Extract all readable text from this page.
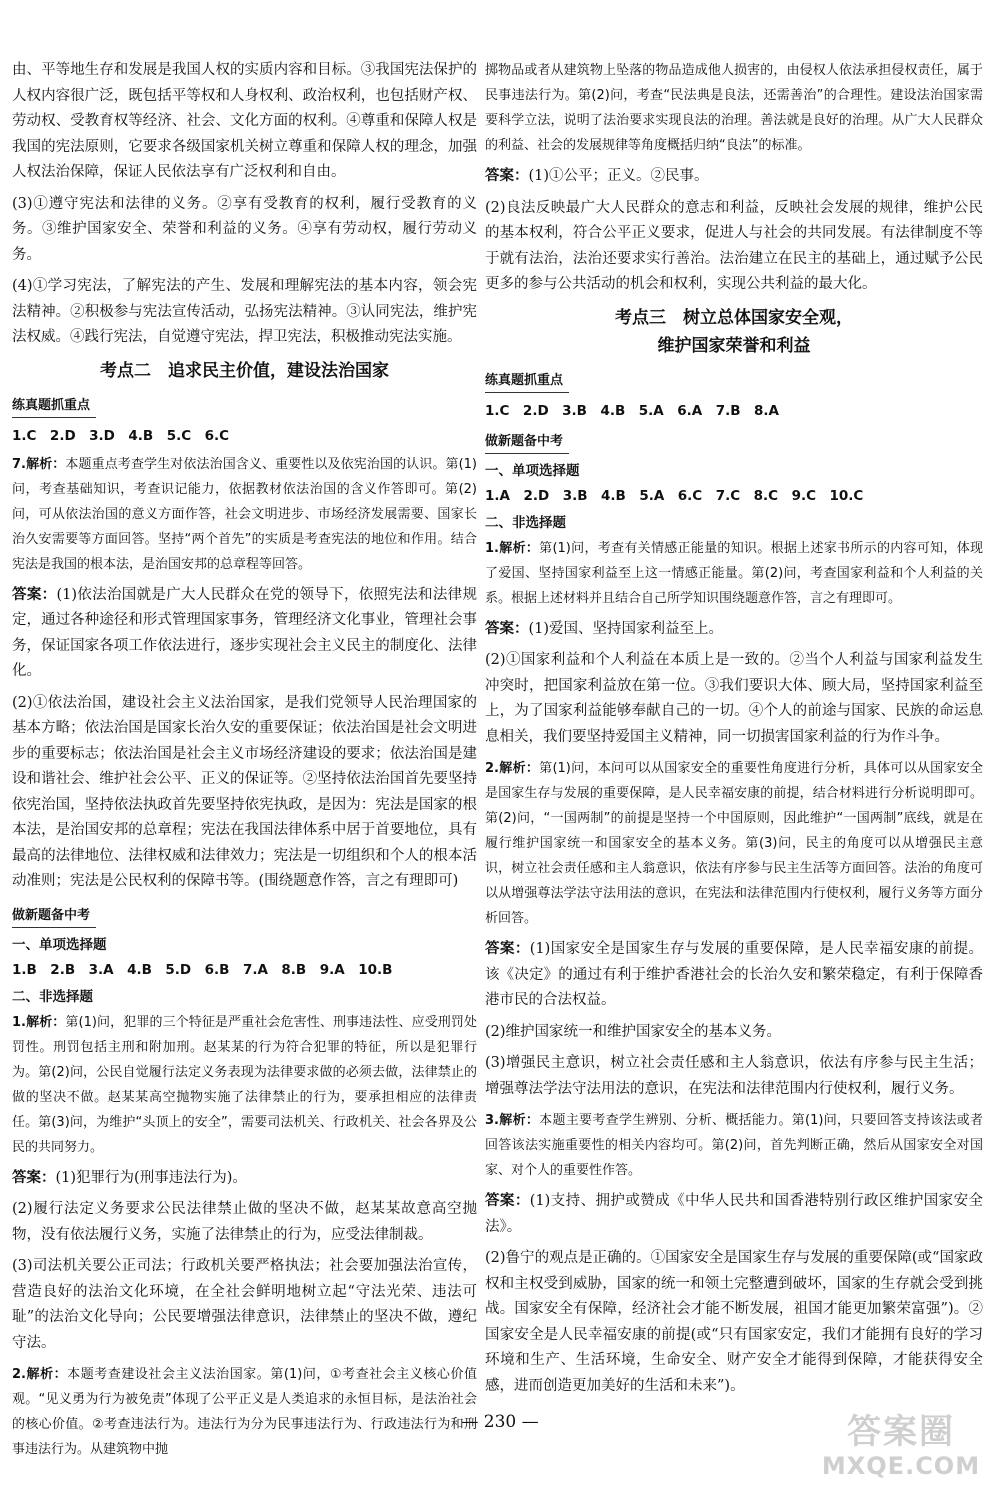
由、平等地生存和发展是我国人权的实质内容和目标。③我国宪法保护的人权内容很广泛，既包括平等权和人身权利、政治权利，也包括财产权、劳动权、受教育权等经济、社会、文化方面的权利。④尊重和保障人权是我国的宪法原则，它要求各级国家机关树立尊重和保障人权的理念，加强人权法治保障，保证人民依法享有广泛权利和自由。

(3)①遵守宪法和法律的义务。②享有受教育的权利，履行受教育的义务。③维护国家安全、荣誉和利益的义务。④享有劳动权，履行劳动义务。

(4)①学习宪法，了解宪法的产生、发展和理解宪法的基本内容，领会宪法精神。②积极参与宪法宣传活动，弘扬宪法精神。③认同宪法，维护宪法权威。④践行宪法，自觉遵守宪法，捍卫宪法，积极推动宪法实施。

考点二　追求民主价值，建设法治国家
练真题抓重点
1.C　2.D　3.D　4.B　5.C　6.C

7.解析：本题重点考查学生对依法治国含义、重要性以及依宪治国的认识。第(1)问，考查基础知识，考查识记能力，依据教材依法治国的含义作答即可。第(2)问，可从依法治国的意义方面作答，社会文明进步、市场经济发展需要、国家长治久安需要等方面回答。坚持“两个首先”的实质是考查宪法的地位和作用。结合宪法是我国的根本法，是治国安邦的总章程等回答。

答案：(1)依法治国就是广大人民群众在党的领导下，依照宪法和法律规定，通过各种途径和形式管理国家事务，管理经济文化事业，管理社会事务，保证国家各项工作依法进行，逐步实现社会主义民主的制度化、法律化。

(2)①依法治国，建设社会主义法治国家，是我们党领导人民治理国家的基本方略；依法治国是国家长治久安的重要保证；依法治国是社会文明进步的重要标志；依法治国是社会主义市场经济建设的要求；依法治国是建设和谐社会、维护社会公平、正义的保证等。②坚持依法治国首先要坚持依宪治国，坚持依法执政首先要坚持依宪执政，是因为：宪法是国家的根本法，是治国安邦的总章程；宪法在我国法律体系中居于首要地位，具有最高的法律地位、法律权威和法律效力；宪法是一切组织和个人的根本活动准则；宪法是公民权利的保障书等。(围绕题意作答，言之有理即可)

做新题备中考
一、单项选择题
1.B　2.B　3.A　4.B　5.D　6.B　7.A　8.B　9.A　10.B
二、非选择题

1.解析：第(1)问，犯罪的三个特征是严重社会危害性、刑事违法性、应受刑罚处罚性。刑罚包括主刑和附加刑。赵某某的行为符合犯罪的特征，所以是犯罪行为。第(2)问，公民自觉履行法定义务表现为法律要求做的必须去做，法律禁止的做的坚决不做。赵某某高空抛物实施了法律禁止的行为，要承担相应的法律责任。第(3)问，为维护“头顶上的安全”，需要司法机关、行政机关、社会各界及公民的共同努力。

答案：(1)犯罪行为(刑事违法行为)。

(2)履行法定义务要求公民法律禁止做的坚决不做，赵某某故意高空抛物，没有依法履行义务，实施了法律禁止的行为，应受法律制裁。

(3)司法机关要公正司法；行政机关要严格执法；社会要加强法治宣传，营造良好的法治文化环境，在全社会鲜明地树立起“守法光荣、违法可耻”的法治文化导向；公民要增强法律意识，法律禁止的坚决不做，遵纪守法。

2.解析：本题考查建设社会主义法治国家。第(1)问，①考查社会主义核心价值观。“见义勇为行为被免责”体现了公平正义是人类追求的永恒目标，是法治社会的核心价值。②考查违法行为。违法行为分为民事违法行为、行政违法行为和刑事违法行为。从建筑物中抛

掷物品或者从建筑物上坠落的物品造成他人损害的，由侵权人依法承担侵权责任，属于民事违法行为。第(2)问，考查“民法典是良法，还需善治”的合理性。建设法治国家需要科学立法，说明了法治要求实现良法的治理。善法就是良好的治理。从广大人民群众的利益、社会的发展规律等角度概括归纳“良法”的标准。

答案：(1)①公平；正义。②民事。

(2)良法反映最广大人民群众的意志和利益，反映社会发展的规律，维护公民的基本权利，符合公平正义要求，促进人与社会的共同发展。有法律制度不等于就有法治，法治还要求实行善治。法治建立在民主的基础上，通过赋予公民更多的参与公共活动的机会和权利，实现公共利益的最大化。

考点三　树立总体国家安全观，
维护国家荣誉和利益
练真题抓重点
1.C　2.D　3.B　4.B　5.A　6.A　7.B　8.A
做新题备中考
一、单项选择题
1.A　2.D　3.B　4.B　5.A　6.C　7.C　8.C　9.C　10.C
二、非选择题

1.解析：第(1)问，考查有关情感正能量的知识。根据上述家书所示的内容可知，体现了爱国、坚持国家利益至上这一情感正能量。第(2)问，考查国家利益和个人利益的关系。根据上述材料并且结合自己所学知识围绕题意作答，言之有理即可。

答案：(1)爱国、坚持国家利益至上。

(2)①国家利益和个人利益在本质上是一致的。②当个人利益与国家利益发生冲突时，把国家利益放在第一位。③我们要识大体、顾大局，坚持国家利益至上，为了国家利益能够奉献自己的一切。④个人的前途与国家、民族的命运息息相关，我们要坚持爱国主义精神，同一切损害国家利益的行为作斗争。

2.解析：第(1)问，本问可以从国家安全的重要性角度进行分析，具体可以从国家安全是国家生存与发展的重要保障，是人民幸福安康的前提，结合材料进行分析说明即可。第(2)问，“一国两制”的前提是坚持一个中国原则，因此维护“一国两制”底线，就是在履行维护国家统一和国家安全的基本义务。第(3)问，民主的角度可以从增强民主意识，树立社会责任感和主人翁意识，依法有序参与民主生活等方面回答。法治的角度可以从增强尊法学法守法用法的意识，在宪法和法律范围内行使权利，履行义务等方面分析回答。

答案：(1)国家安全是国家生存与发展的重要保障，是人民幸福安康的前提。该《决定》的通过有利于维护香港社会的长治久安和繁荣稳定，有利于保障香港市民的合法权益。

(2)维护国家统一和维护国家安全的基本义务。

(3)增强民主意识，树立社会责任感和主人翁意识，依法有序参与民主生活；增强尊法学法守法用法的意识，在宪法和法律范围内行使权利，履行义务。

3.解析：本题主要考查学生辨别、分析、概括能力。第(1)问，只要回答支持该法或者回答该法实施重要性的相关内容均可。第(2)问，首先判断正确，然后从国家安全对国家、对个人的重要性作答。

答案：(1)支持、拥护或赞成《中华人民共和国香港特别行政区维护国家安全法》。

(2)鲁宁的观点是正确的。①国家安全是国家生存与发展的重要保障(或“国家政权和主权受到威胁，国家的统一和领土完整遭到破坏，国家的生存就会受到挑战。国家安全有保障，经济社会才能不断发展，祖国才能更加繁荣富强”)。②国家安全是人民幸福安康的前提(或“只有国家安定，我们才能拥有良好的学习环境和生产、生活环境，生命安全、财产安全才能得到保障，才能获得安全感，进而创造更加美好的生活和未来”)。

— 230 —	答案圈
MXQE.COM
